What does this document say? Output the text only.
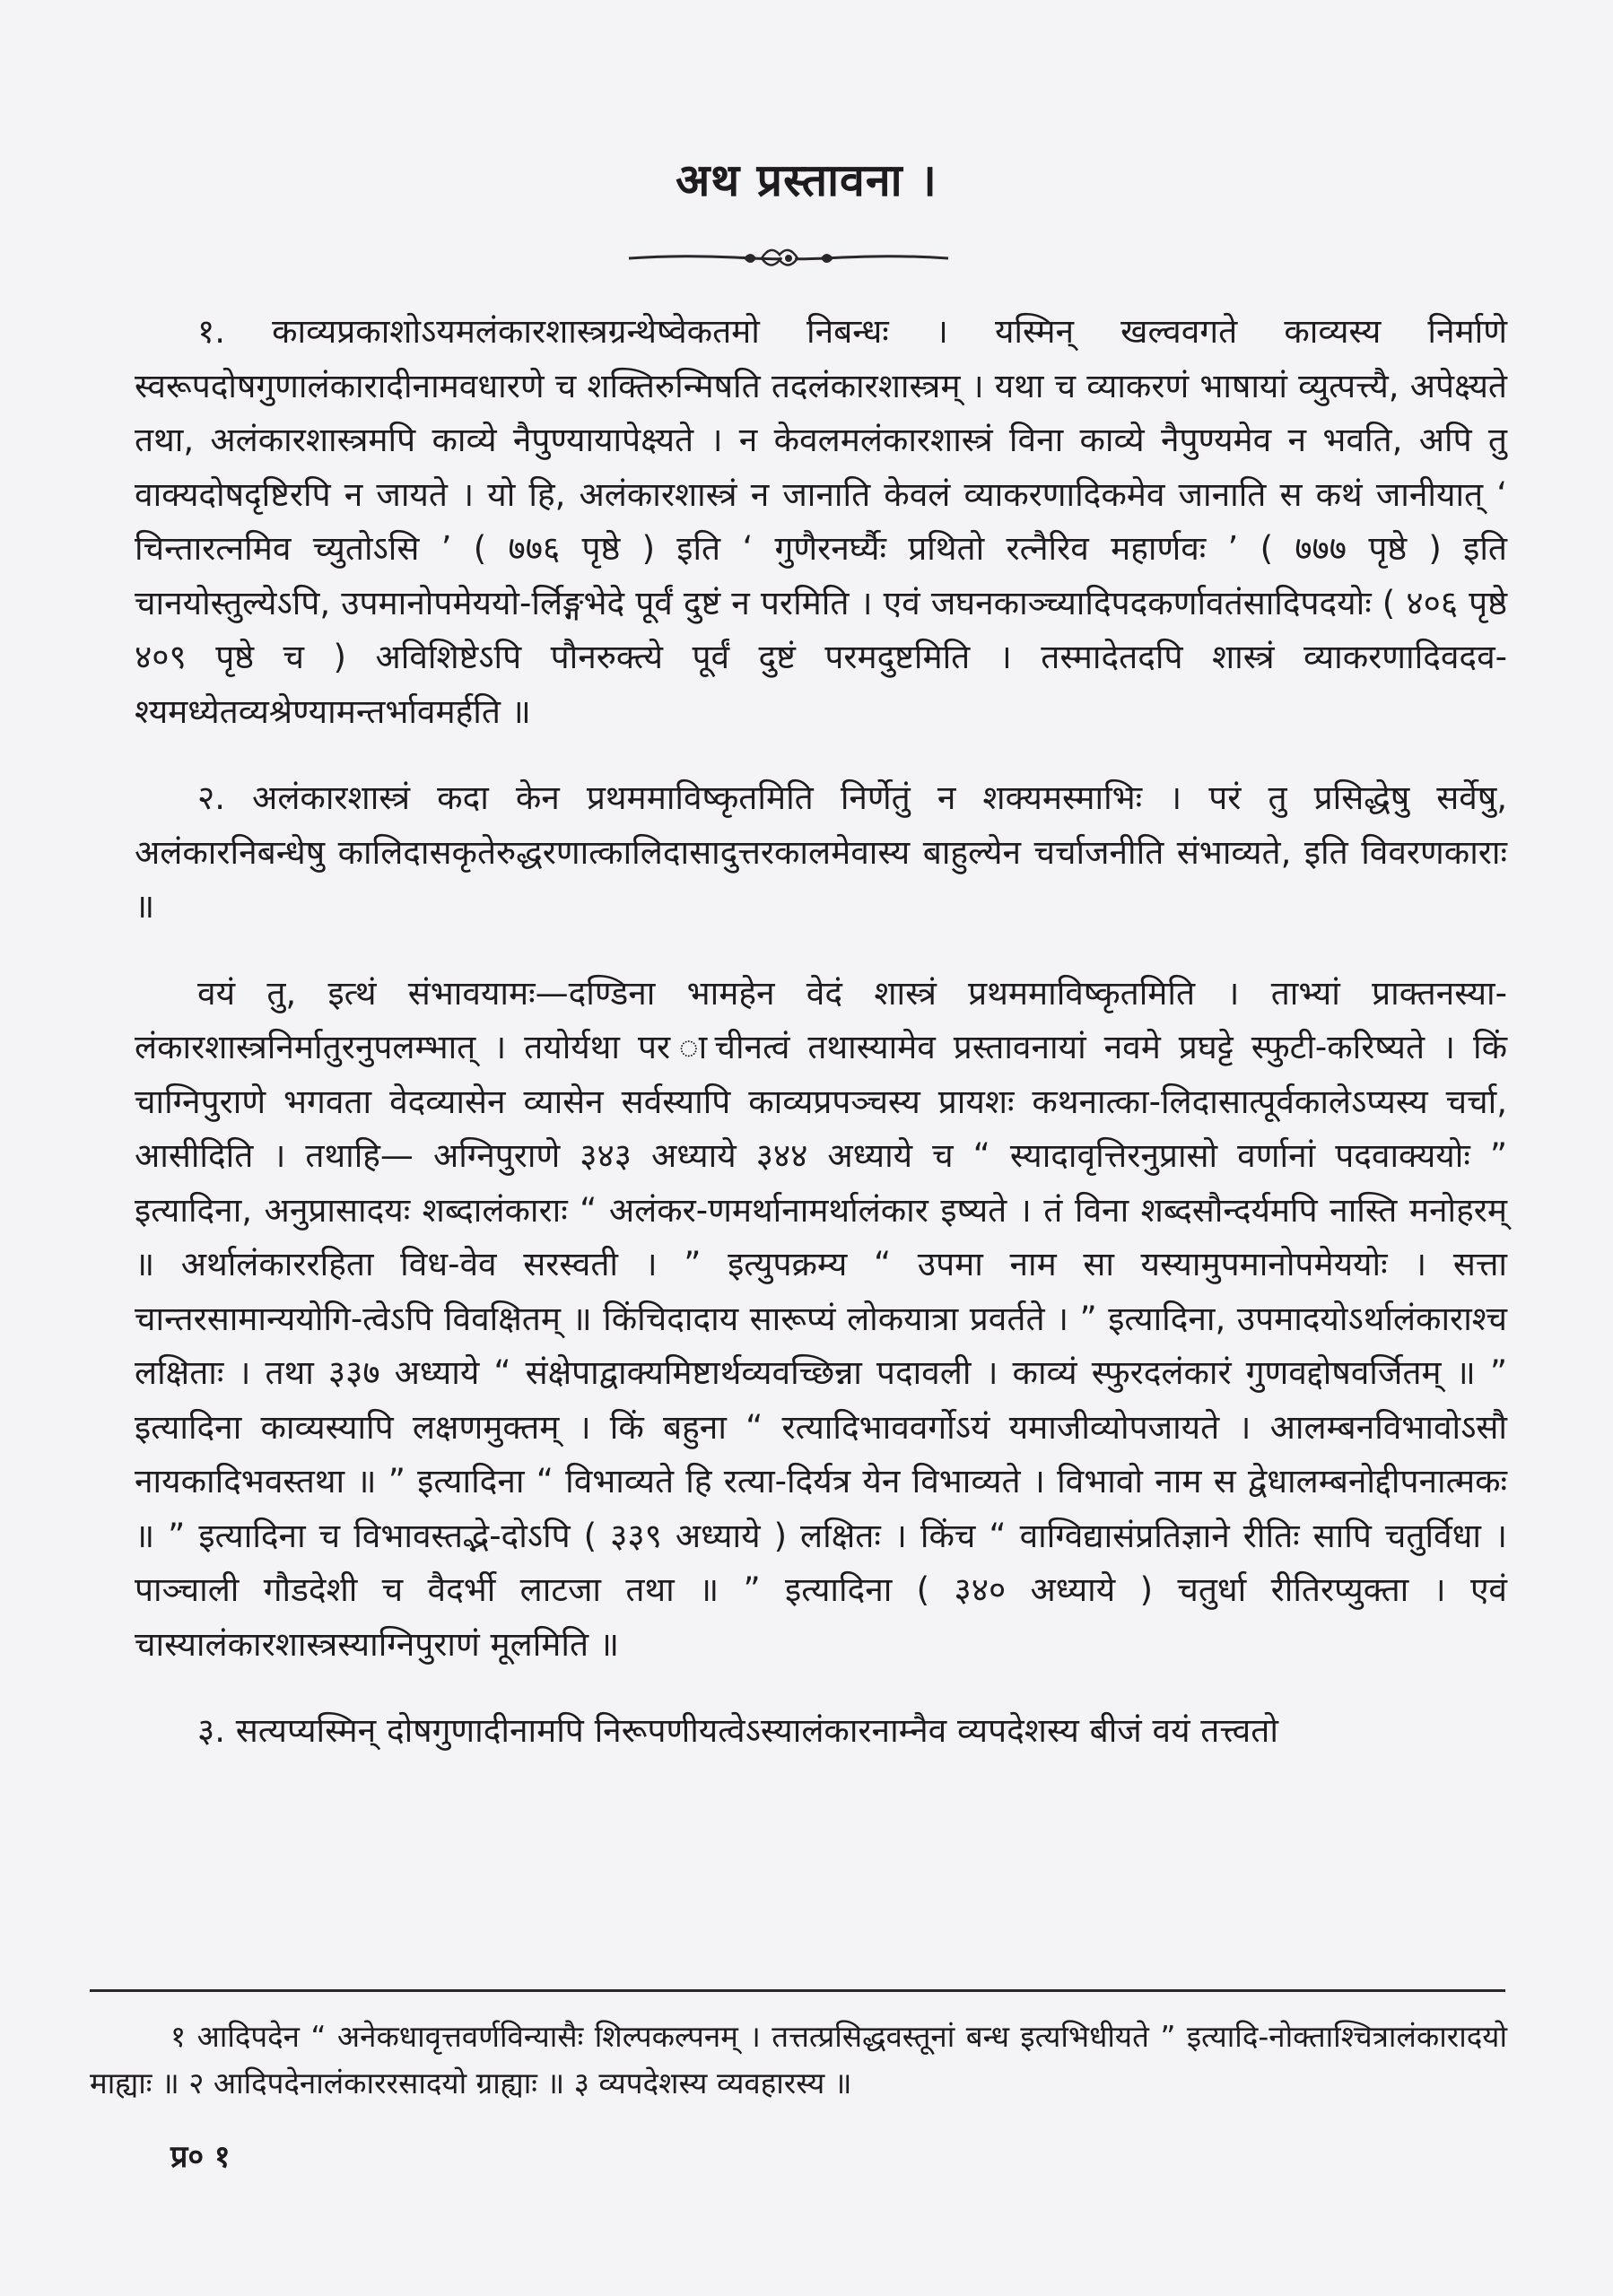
अथ प्रस्तावना ।

१. काव्यप्रकाशोऽयमलंकारशास्त्रग्रन्थेष्वेकतमो निबन्धः । यस्मिन् खल्ववगते काव्यस्य निर्माणे स्वरूपदोषगुणालंकारादीनामवधारणे च शक्तिरुन्मिषति तदलंकारशास्त्रम् । यथा च व्याकरणं भाषायां व्युत्पत्त्यै, अपेक्ष्यते तथा, अलंकारशास्त्रमपि काव्ये नैपुण्यायापेक्ष्यते । न केवलमलंकारशास्त्रं विना काव्ये नैपुण्यमेव न भवति, अपि तु वाक्यदोषदृष्टिरपि न जायते । यो हि, अलंकारशास्त्रं न जानाति केवलं व्याकरणादिकमेव जानाति स कथं जानीयात् ‘ चिन्तारत्नमिव च्युतोऽसि ’ ( ७७६ पृष्ठे ) इति ‘ गुणैरनर्घ्यैः प्रथितो रत्नैरिव महार्णवः ’ ( ७७७ पृष्ठे ) इति चानयोस्तुल्येऽपि, उपमानोपमेययो-र्लिङ्गभेदे पूर्वं दुष्टं न परमिति । एवं जघनकाञ्च्यादिपदकर्णावतंसादिपदयोः ( ४०६ पृष्ठे ४०९ पृष्ठे च ) अविशिष्टेऽपि पौनरुक्त्ये पूर्वं दुष्टं परमदुष्टमिति । तस्मादेतदपि शास्त्रं व्याकरणादिवदव-श्यमध्येतव्यश्रेण्यामन्तर्भावमर्हति ॥

२. अलंकारशास्त्रं कदा केन प्रथममाविष्कृतमिति निर्णेतुं न शक्यमस्माभिः । परं तु प्रसिद्धेषु सर्वेषु, अलंकारनिबन्धेषु कालिदासकृतेरुद्धरणात्कालिदासादुत्तरकालमेवास्य बाहुल्येन चर्चाजनीति संभाव्यते, इति विवरणकाराः ॥

वयं तु, इत्थं संभावयामः—दण्डिना भामहेन वेदं शास्त्रं प्रथममाविष्कृतमिति । ताभ्यां प्राक्तनस्या-लंकारशास्त्रनिर्मातुरनुपलम्भात् । तयोर्यथा पर ाचीनत्वं तथास्यामेव प्रस्तावनायां नवमे प्रघट्टे स्फुटी-करिष्यते । किं चाग्निपुराणे भगवता वेदव्यासेन व्यासेन सर्वस्यापि काव्यप्रपञ्चस्य प्रायशः कथनात्का-लिदासात्पूर्वकालेऽप्यस्य चर्चा, आसीदिति । तथाहि— अग्निपुराणे ३४३ अध्याये ३४४ अध्याये च “ स्यादावृत्तिरनुप्रासो वर्णानां पदवाक्ययोः ” इत्यादिना, अनुप्रासादयः शब्दालंकाराः “ अलंकर-णमर्थानामर्थालंकार इष्यते । तं विना शब्दसौन्दर्यमपि नास्ति मनोहरम् ॥ अर्थालंकाररहिता विध-वेव सरस्वती । ” इत्युपक्रम्य “ उपमा नाम सा यस्यामुपमानोपमेययोः । सत्ता चान्तरसामान्ययोगि-त्वेऽपि विवक्षितम् ॥ किंचिदादाय सारूप्यं लोकयात्रा प्रवर्तते । ” इत्यादिना, उपमादयोऽर्थालंकाराश्च लक्षिताः । तथा ३३७ अध्याये “ संक्षेपाद्वाक्यमिष्टार्थव्यवच्छिन्ना पदावली । काव्यं स्फुरदलंकारं गुणवद्दोषवर्जितम् ॥ ” इत्यादिना काव्यस्यापि लक्षणमुक्तम् । किं बहुना “ रत्यादिभाववर्गोऽयं यमाजीव्योपजायते । आलम्बनविभावोऽसौ नायकादिभवस्तथा ॥ ” इत्यादिना “ विभाव्यते हि रत्या-दिर्यत्र येन विभाव्यते । विभावो नाम स द्वेधालम्बनोद्दीपनात्मकः ॥ ” इत्यादिना च विभावस्तद्भे-दोऽपि ( ३३९ अध्याये ) लक्षितः । किंच “ वाग्विद्यासंप्रतिज्ञाने रीतिः सापि चतुर्विधा । पाञ्चाली गौडदेशी च वैदर्भी लाटजा तथा ॥ ” इत्यादिना ( ३४० अध्याये ) चतुर्धा रीतिरप्युक्ता । एवं चास्यालंकारशास्त्रस्याग्निपुराणं मूलमिति ॥

३. सत्यप्यस्मिन् दोषगुणादीनामपि निरूपणीयत्वेऽस्यालंकारनाम्नैव व्यपदेशस्य बीजं वयं तत्त्वतो

१ आदिपदेन “ अनेकधावृत्तवर्णविन्यासैः शिल्पकल्पनम् । तत्तत्प्रसिद्धवस्तूनां बन्ध इत्यभिधीयते ” इत्यादि-नोक्ताश्चित्रालंकारादयो माह्याः ॥ २ आदिपदेनालंकाररसादयो ग्राह्याः ॥ ३ व्यपदेशस्य व्यवहारस्य ॥

प्र० १
